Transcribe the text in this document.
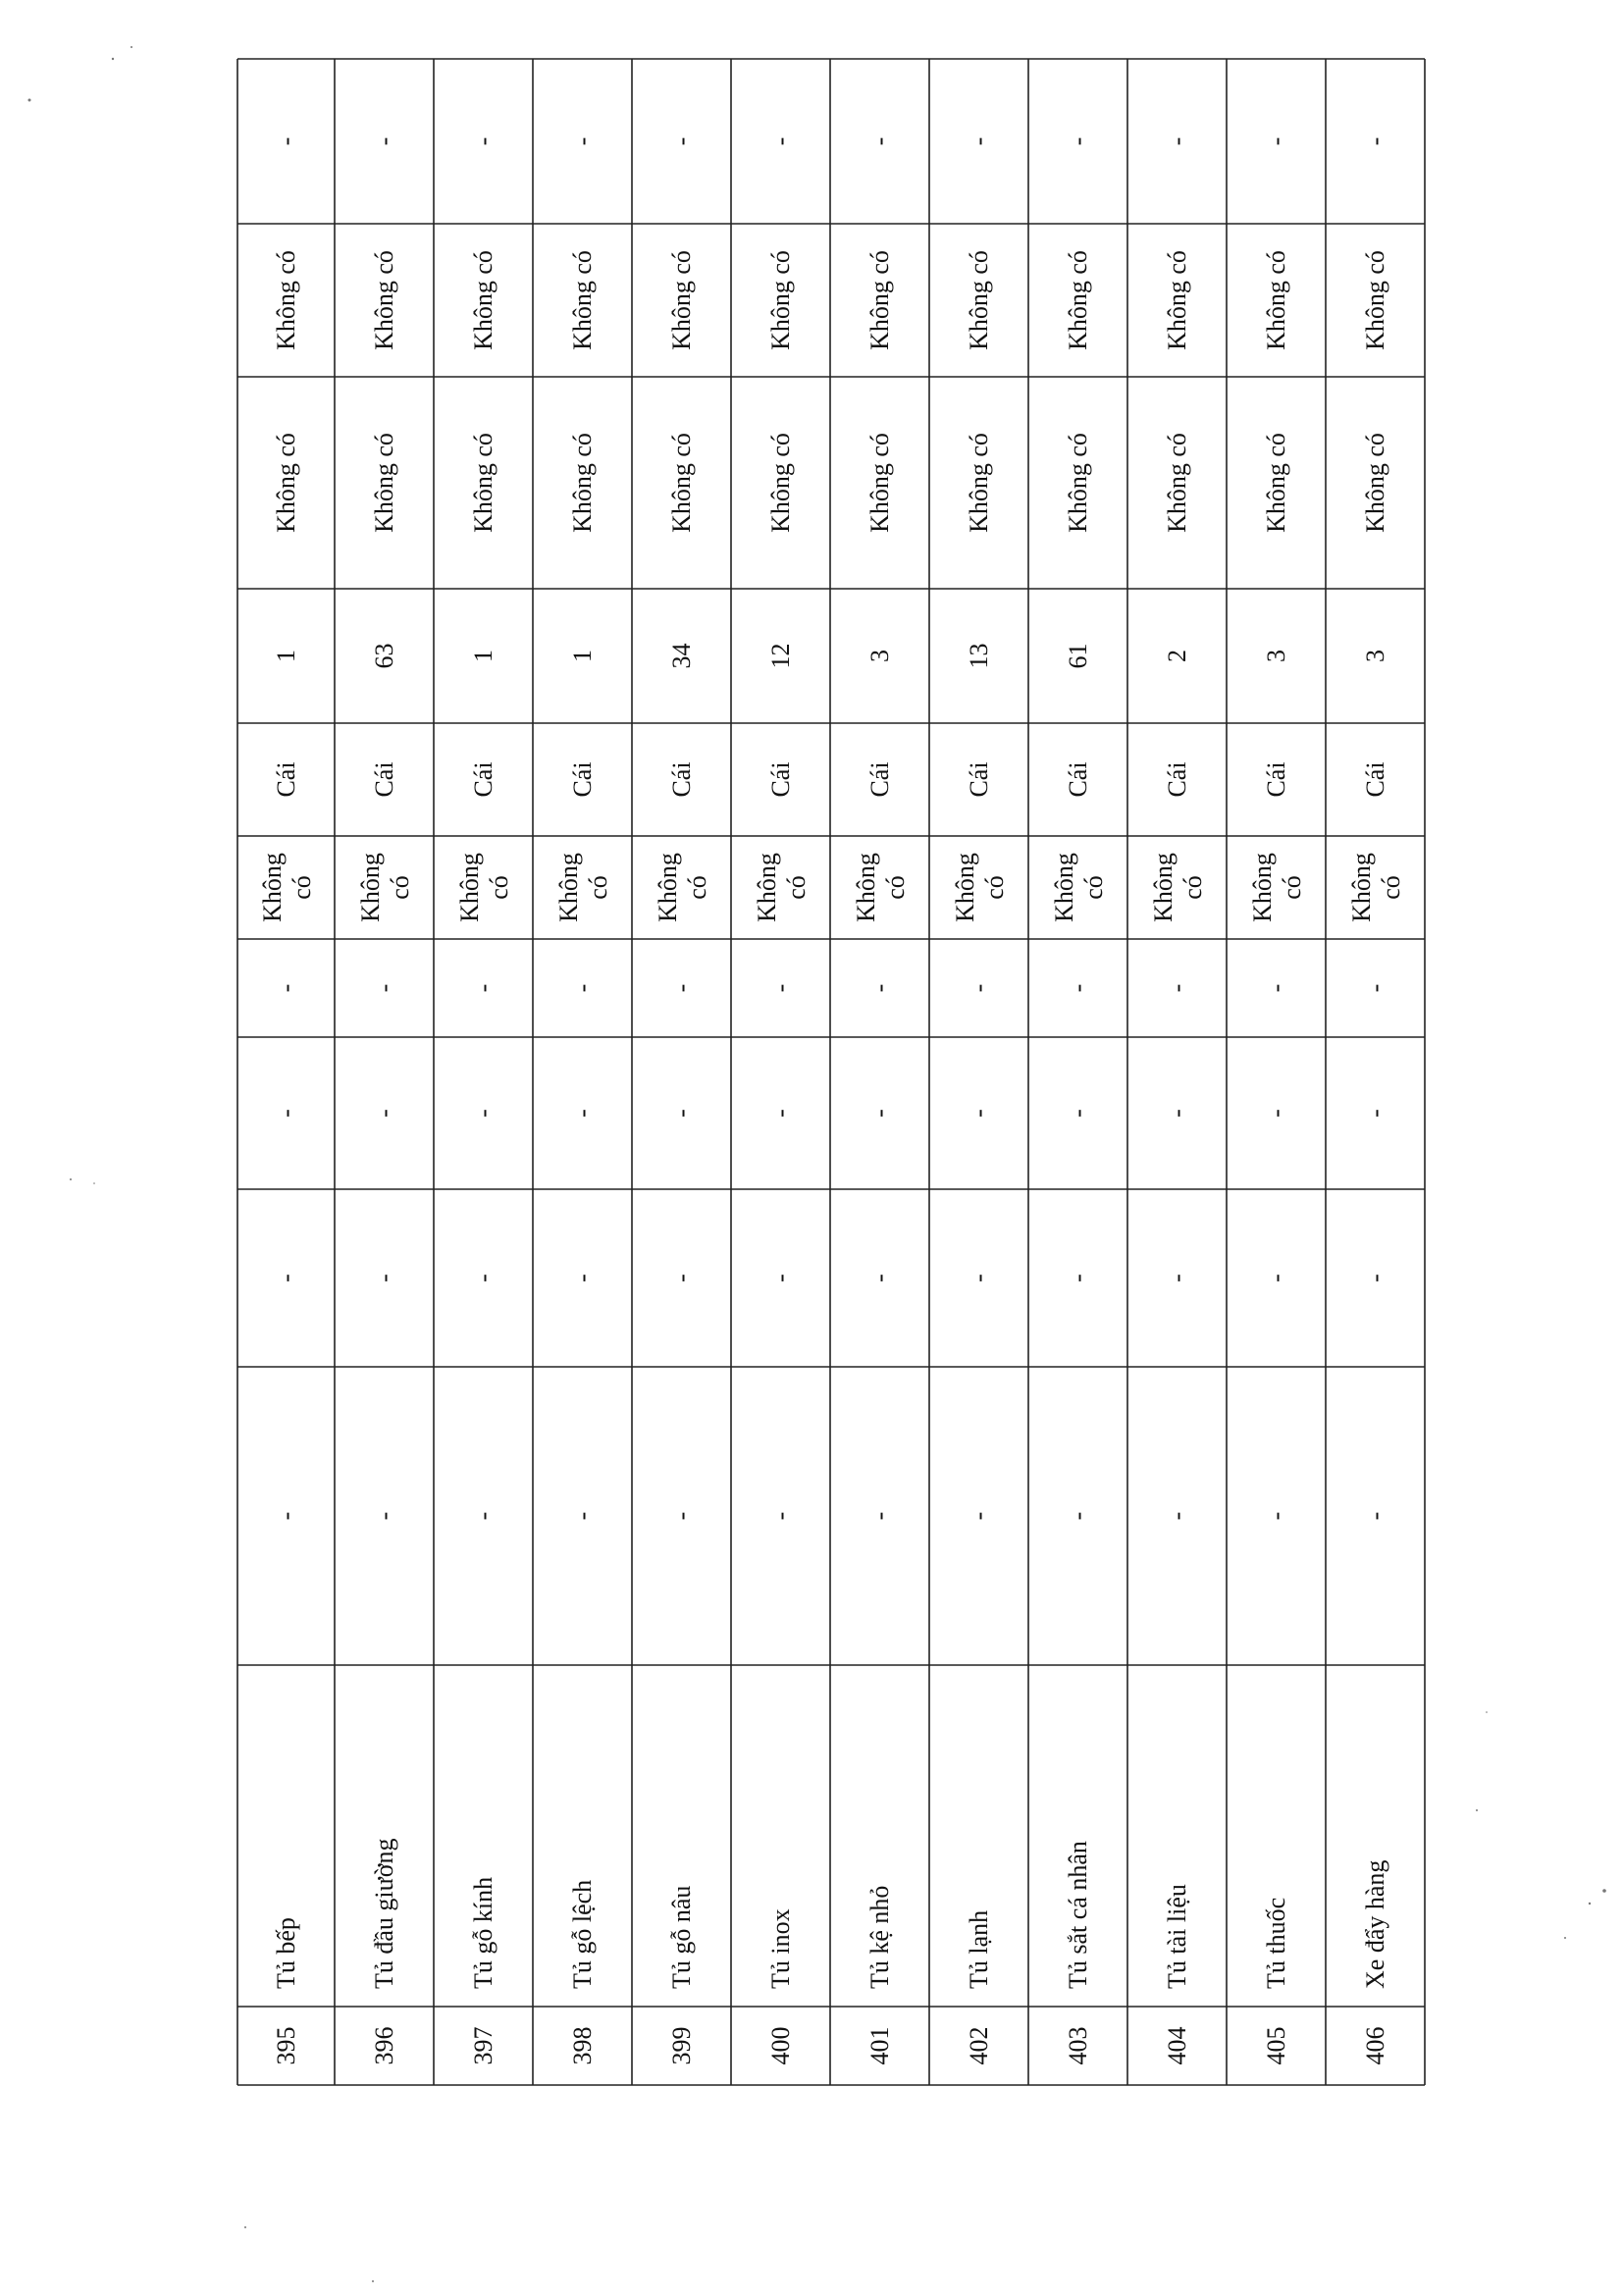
395
Tủ bếp
-
-
-
-
Khôngcó
Cái
1
Không có
Không có
-
396
Tủ đầu giường
-
-
-
-
Khôngcó
Cái
63
Không có
Không có
-
397
Tủ gỗ kính
-
-
-
-
Khôngcó
Cái
1
Không có
Không có
-
398
Tủ gỗ lệch
-
-
-
-
Khôngcó
Cái
1
Không có
Không có
-
399
Tủ gỗ nâu
-
-
-
-
Khôngcó
Cái
34
Không có
Không có
-
400
Tủ inox
-
-
-
-
Khôngcó
Cái
12
Không có
Không có
-
401
Tủ kệ nhỏ
-
-
-
-
Khôngcó
Cái
3
Không có
Không có
-
402
Tủ lạnh
-
-
-
-
Khôngcó
Cái
13
Không có
Không có
-
403
Tủ sắt cá nhân
-
-
-
-
Khôngcó
Cái
61
Không có
Không có
-
404
Tủ tài liệu
-
-
-
-
Khôngcó
Cái
2
Không có
Không có
-
405
Tủ thuốc
-
-
-
-
Khôngcó
Cái
3
Không có
Không có
-
406
Xe đẩy hàng
-
-
-
-
Khôngcó
Cái
3
Không có
Không có
-
